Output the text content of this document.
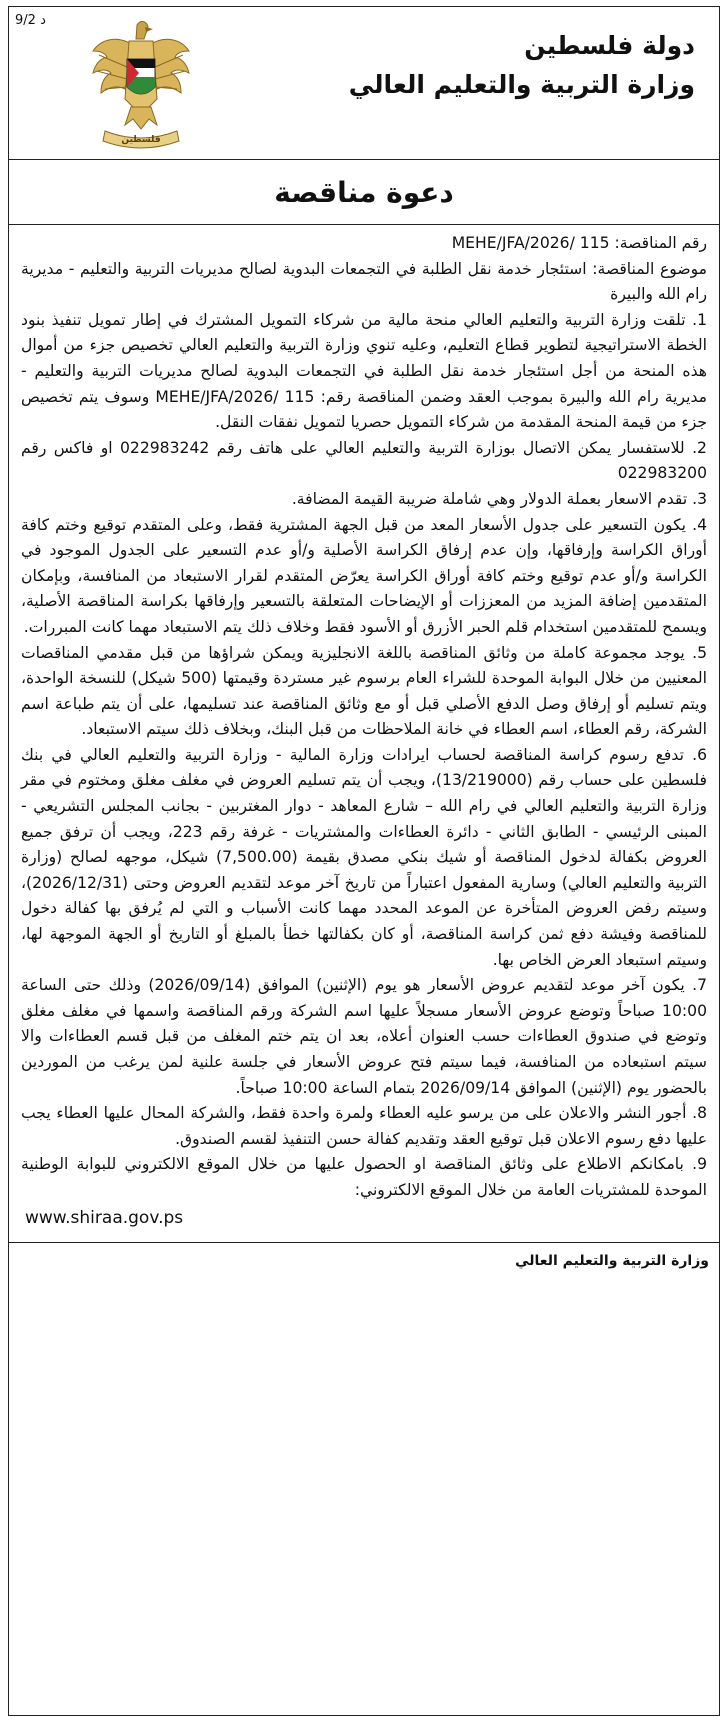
9/2 د
فلسطين
دولة فلسطين
وزارة التربية والتعليم العالي
دعوة مناقصة

رقم المناقصة: MEHE/JFA/2026/ 115

موضوع المناقصة: استئجار خدمة نقل الطلبة في التجمعات البدوية لصالح مديريات التربية والتعليم - مديرية رام الله والبيرة

1. تلقت وزارة التربية والتعليم العالي منحة مالية من شركاء التمويل المشترك في إطار تمويل تنفيذ بنود الخطة الاستراتيجية لتطوير قطاع التعليم، وعليه تنوي وزارة التربية والتعليم العالي تخصيص جزء من أموال هذه المنحة من أجل استئجار خدمة نقل الطلبة في التجمعات البدوية لصالح مديريات التربية والتعليم - مديرية رام الله والبيرة بموجب العقد وضمن المناقصة رقم: MEHE/JFA/2026/ 115 وسوف يتم تخصيص جزء من قيمة المنحة المقدمة من شركاء التمويل حصريا لتمويل نفقات النقل.

2. للاستفسار يمكن الاتصال بوزارة التربية والتعليم العالي على هاتف رقم 022983242 او فاكس رقم 022983200

3. تقدم الاسعار بعملة الدولار وهي شاملة ضريبة القيمة المضافة.

4. يكون التسعير على جدول الأسعار المعد من قبل الجهة المشترية فقط، وعلى المتقدم توقيع وختم كافة أوراق الكراسة وإرفاقها، وإن عدم إرفاق الكراسة الأصلية و/أو عدم التسعير على الجدول الموجود في الكراسة و/أو عدم توقيع وختم كافة أوراق الكراسة يعرّض المتقدم لقرار الاستبعاد من المنافسة، وبإمكان المتقدمين إضافة المزيد من المعززات أو الإيضاحات المتعلقة بالتسعير وإرفاقها بكراسة المناقصة الأصلية، ويسمح للمتقدمين استخدام قلم الحبر الأزرق أو الأسود فقط وخلاف ذلك يتم الاستبعاد مهما كانت المبررات.

5. يوجد مجموعة كاملة من وثائق المناقصة باللغة الانجليزية ويمكن شراؤها من قبل مقدمي المناقصات المعنيين من خلال البوابة الموحدة للشراء العام برسوم غير مستردة وقيمتها (500 شيكل) للنسخة الواحدة، ويتم تسليم أو إرفاق وصل الدفع الأصلي قبل أو مع وثائق المناقصة عند تسليمها، على أن يتم طباعة اسم الشركة، رقم العطاء، اسم العطاء في خانة الملاحظات من قبل البنك، وبخلاف ذلك سيتم الاستبعاد.

6. تدفع رسوم كراسة المناقصة لحساب ايرادات وزارة المالية - وزارة التربية والتعليم العالي في بنك فلسطين على حساب رقم (13/219000)، ويجب أن يتم تسليم العروض في مغلف مغلق ومختوم في مقر وزارة التربية والتعليم العالي في رام الله – شارع المعاهد - دوار المغتربين - بجانب المجلس التشريعي - المبنى الرئيسي - الطابق الثاني - دائرة العطاءات والمشتريات - غرفة رقم 223، ويجب أن ترفق جميع العروض بكفالة لدخول المناقصة أو شيك بنكي مصدق بقيمة (7,500.00) شيكل، موجهه لصالح (وزارة التربية والتعليم العالي) وسارية المفعول اعتباراً من تاريخ آخر موعد لتقديم العروض وحتى (2026/12/31)، وسيتم رفض العروض المتأخرة عن الموعد المحدد مهما كانت الأسباب و التي لم يُرفق بها كفالة دخول للمناقصة وفيشة دفع ثمن كراسة المناقصة، أو كان بكفالتها خطأ بالمبلغ أو التاريخ أو الجهة الموجهة لها، وسيتم استبعاد العرض الخاص بها.

7. يكون آخر موعد لتقديم عروض الأسعار هو يوم (الإثنين) الموافق (2026/09/14) وذلك حتى الساعة 10:00 صباحاً وتوضع عروض الأسعار مسجلاً عليها اسم الشركة ورقم المناقصة واسمها في مغلف مغلق وتوضع في صندوق العطاءات حسب العنوان أعلاه، بعد ان يتم ختم المغلف من قبل قسم العطاءات والا سيتم استبعاده من المنافسة، فيما سيتم فتح عروض الأسعار في جلسة علنية لمن يرغب من الموردين بالحضور يوم (الإثنين) الموافق 2026/09/14 بتمام الساعة 10:00 صباحاً.

8. أجور النشر والاعلان على من يرسو عليه العطاء ولمرة واحدة فقط، والشركة المحال عليها العطاء يجب عليها دفع رسوم الاعلان قبل توقيع العقد وتقديم كفالة حسن التنفيذ لقسم الصندوق.

9. بامكانكم الاطلاع على وثائق المناقصة او الحصول عليها من خلال الموقع الالكتروني للبوابة الوطنية الموحدة للمشتريات العامة من خلال الموقع الالكتروني:

www.shiraa.gov.ps
وزارة التربية والتعليم العالي
